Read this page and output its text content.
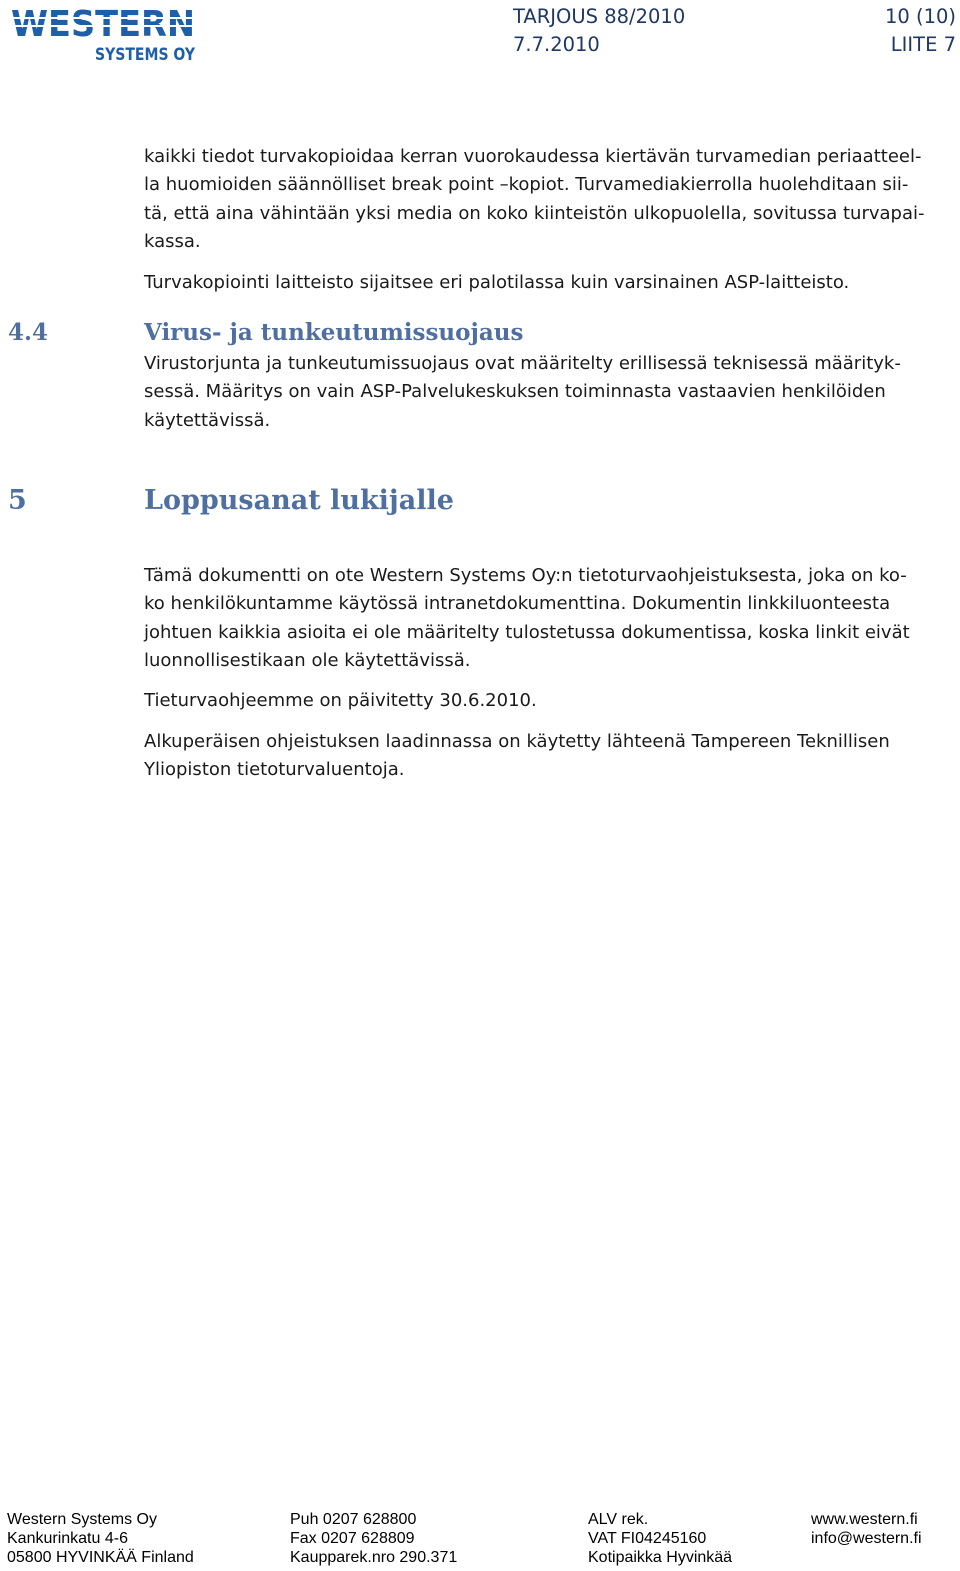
WESTERN
SYSTEMS OY
TARJOUS 88/2010
7.7.2010
10 (10)
LIITE 7
kaikki tiedot turvakopioidaa kerran vuorokaudessa kiertävän turvamedian periaatteel-
la huomioiden säännölliset break point –kopiot. Turvamediakierrolla huolehditaan sii-
tä, että aina vähintään yksi media on koko kiinteistön ulkopuolella, sovitussa turvapai-
kassa.
Turvakopiointi laitteisto sijaitsee eri palotilassa kuin varsinainen ASP-laitteisto.
4.4	Virus- ja tunkeutumissuojaus
Virustorjunta ja tunkeutumissuojaus ovat määritelty erillisessä teknisessä määrityk-
sessä. Määritys on vain ASP-Palvelukeskuksen toiminnasta vastaavien henkilöiden
käytettävissä.
5	Loppusanat lukijalle
Tämä dokumentti on ote Western Systems Oy:n tietoturvaohjeistuksesta, joka on ko-
ko henkilökuntamme käytössä intranetdokumenttina. Dokumentin linkkiluonteesta
johtuen kaikkia asioita ei ole määritelty tulostetussa dokumentissa, koska linkit eivät
luonnollisestikaan ole käytettävissä.
Tieturvaohjeemme on päivitetty 30.6.2010.
Alkuperäisen ohjeistuksen laadinnassa on käytetty lähteenä Tampereen Teknillisen
Yliopiston tietoturvaluentoja.
Western Systems Oy
Kankurinkatu 4-6
05800 HYVINKÄÄ Finland
Puh 0207 628800
Fax 0207 628809
Kaupparek.nro 290.371
ALV rek.
VAT FI04245160
Kotipaikka Hyvinkää
www.western.fi
info@western.fi
